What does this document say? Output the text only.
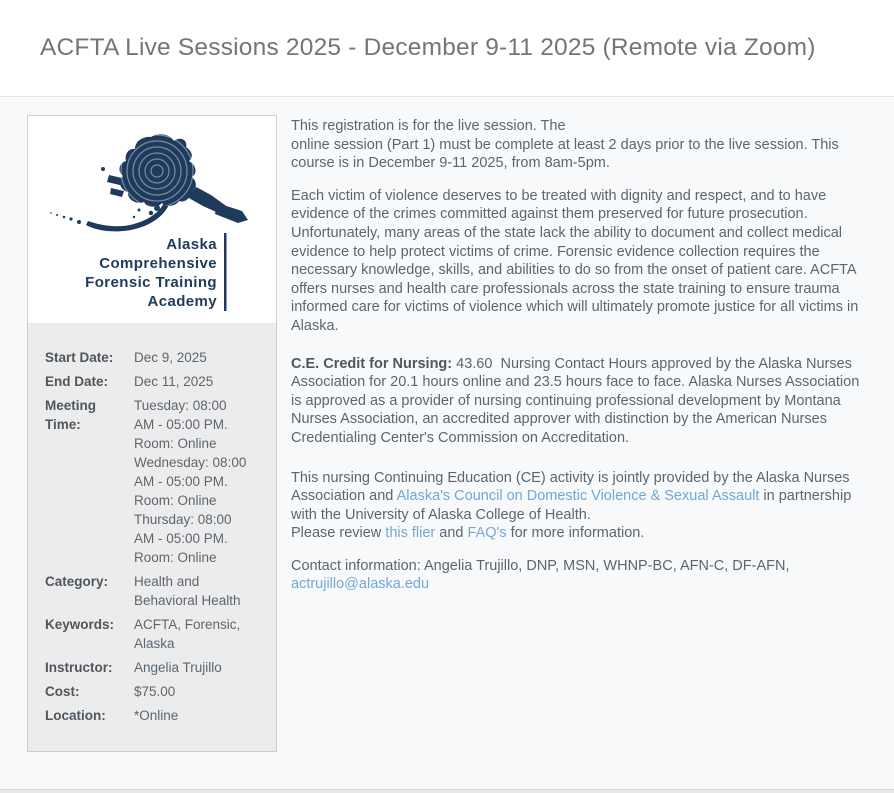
ACFTA Live Sessions 2025 - December 9-11 2025 (Remote via Zoom)
Alaska
Comprehensive
Forensic Training
Academy
Start Date:	Dec 9, 2025
End Date:	Dec 11, 2025
Meeting Time:
Tuesday: 08:00
AM - 05:00 PM.
Room: Online
Wednesday: 08:00
AM - 05:00 PM.
Room: Online
Thursday: 08:00
AM - 05:00 PM.
Room: Online
Category:	Health and Behavioral Health
Keywords:	ACFTA, Forensic, Alaska
Instructor:	Angelia Trujillo
Cost:	$75.00
Location:	*Online

This registration is for the live session. The
online session (Part 1) must be complete at least 2 days prior to the live session. This course is in December 9-11 2025, from 8am-5pm.

Each victim of violence deserves to be treated with dignity and respect, and to have evidence of the crimes committed against them preserved for future prosecution. Unfortunately, many areas of the state lack the ability to document and collect medical evidence to help protect victims of crime. Forensic evidence collection requires the necessary knowledge, skills, and abilities to do so from the onset of patient care. ACFTA offers nurses and health care professionals across the state training to ensure trauma informed care for victims of violence which will ultimately promote justice for all victims in Alaska.

C.E. Credit for Nursing: 43.60  Nursing Contact Hours approved by the Alaska Nurses Association for 20.1 hours online and 23.5 hours face to face. Alaska Nurses Association is approved as a provider of nursing continuing professional development by Montana Nurses Association, an accredited approver with distinction by the American Nurses Credentialing Center's Commission on Accreditation.

This nursing Continuing Education (CE) activity is jointly provided by the Alaska Nurses Association and Alaska's Council on Domestic Violence & Sexual Assault in partnership with the University of Alaska College of Health.
Please review this flier and FAQ's for more information.

Contact information: Angelia Trujillo, DNP, MSN, WHNP-BC, AFN-C, DF-AFN,
actrujillo@alaska.edu
